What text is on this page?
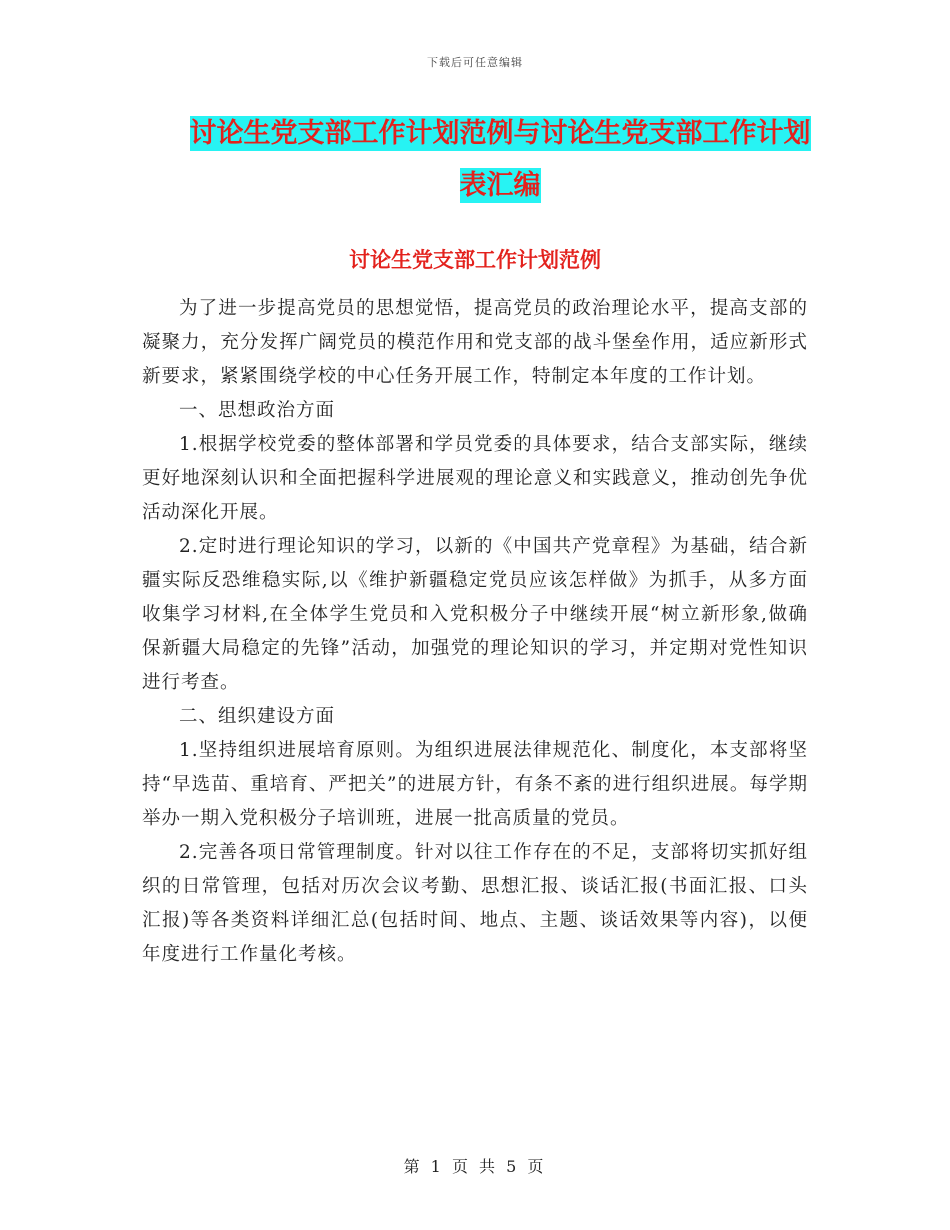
下载后可任意编辑
讨论生党支部工作计划范例与讨论生党支部工作计划
表汇编
讨论生党支部工作计划范例

为了进一步提高党员的思想觉悟，提高党员的政治理论水平，提高支部的凝聚力，充分发挥广阔党员的模范作用和党支部的战斗堡垒作用，适应新形式新要求，紧紧围绕学校的中心任务开展工作，特制定本年度的工作计划。

一、思想政治方面

1.根据学校党委的整体部署和学员党委的具体要求，结合支部实际，继续更好地深刻认识和全面把握科学进展观的理论意义和实践意义，推动创先争优活动深化开展。

2.定时进行理论知识的学习，以新的《中国共产党章程》为基础，结合新疆实际反恐维稳实际,以《维护新疆稳定党员应该怎样做》为抓手，从多方面收集学习材料,在全体学生党员和入党积极分子中继续开展“树立新形象,做确保新疆大局稳定的先锋”活动，加强党的理论知识的学习，并定期对党性知识进行考查。

二、组织建设方面

1.坚持组织进展培育原则。为组织进展法律规范化、制度化，本支部将坚持“早选苗、重培育、严把关”的进展方针，有条不紊的进行组织进展。每学期举办一期入党积极分子培训班，进展一批高质量的党员。

2.完善各项日常管理制度。针对以往工作存在的不足，支部将切实抓好组织的日常管理，包括对历次会议考勤、思想汇报、谈话汇报(书面汇报、口头汇报)等各类资料详细汇总(包括时间、地点、主题、谈话效果等内容)，以便年度进行工作量化考核。

第 1 页 共 5 页
